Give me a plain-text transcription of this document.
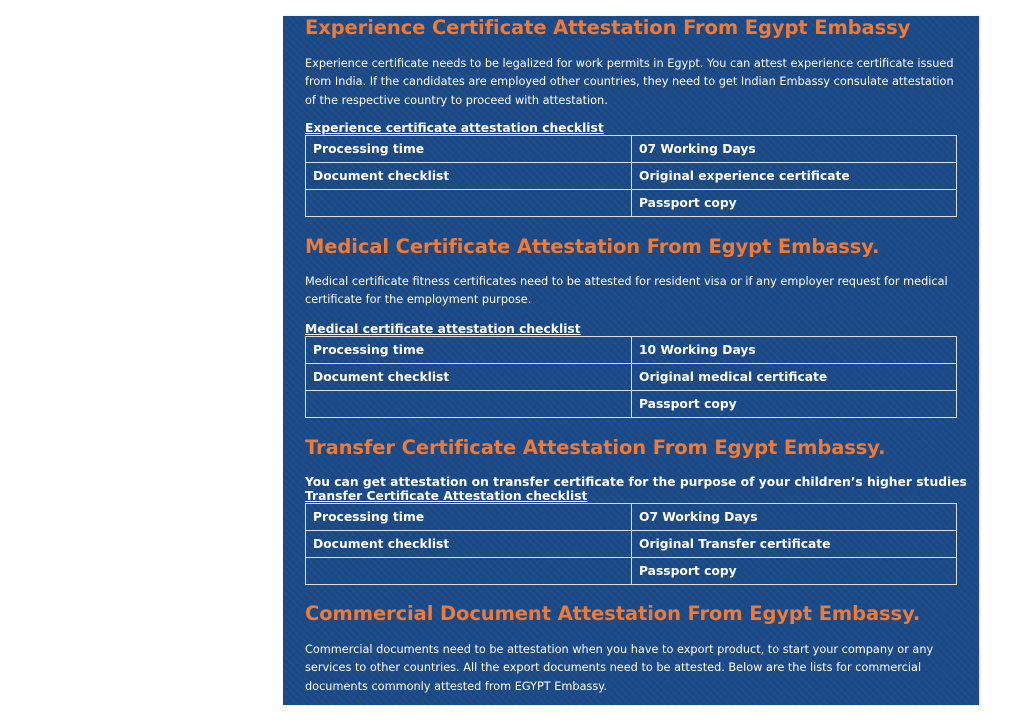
Experience Certificate Attestation From Egypt Embassy

Experience certificate needs to be legalized for work permits in Egypt. You can attest experience certificate issued from India. If the candidates are employed other countries, they need to get Indian Embassy consulate attestation of the respective country to proceed with attestation.

Experience certificate attestation checklist

Processing time	07 Working Days
Document checklist	Original experience certificate
	Passport copy
Medical Certificate Attestation From Egypt Embassy.

Medical certificate fitness certificates need to be attested for resident visa or if any employer request for medical certificate for the employment purpose.

Medical certificate attestation checklist

Processing time	10 Working Days
Document checklist	Original medical certificate
	Passport copy
Transfer Certificate Attestation From Egypt Embassy.

You can get attestation on transfer certificate for the purpose of your children’s higher studies

Transfer Certificate Attestation checklist

Processing time	O7 Working Days
Document checklist	Original Transfer certificate
	Passport copy
Commercial Document Attestation From Egypt Embassy.

Commercial documents need to be attestation when you have to export product, to start your company or any services to other countries. All the export documents need to be attested. Below are the lists for commercial documents commonly attested from EGYPT Embassy.
